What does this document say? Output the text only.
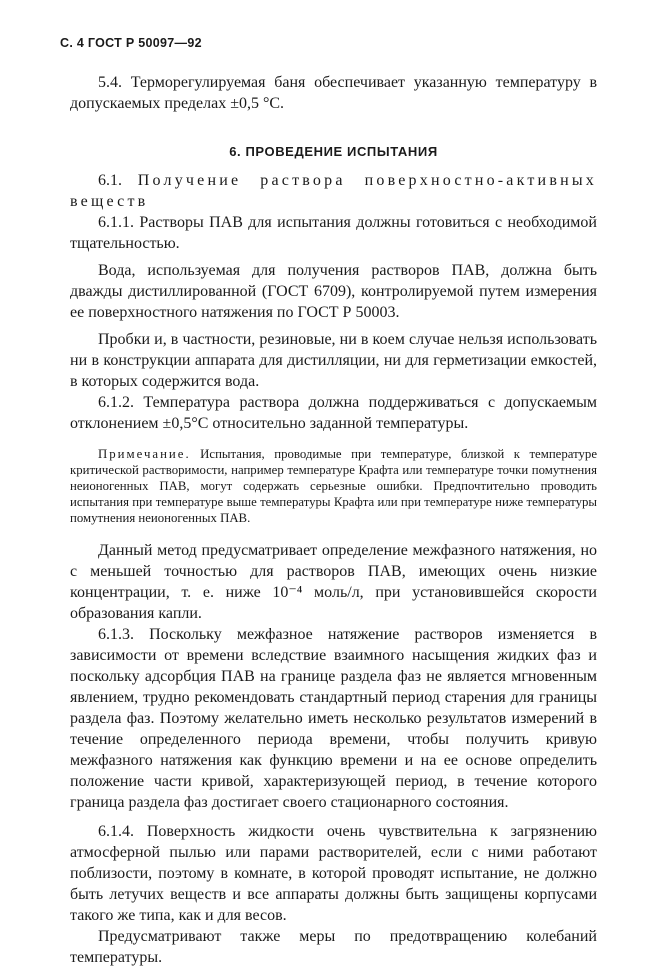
С. 4 ГОСТ Р 50097—92

5.4. Терморегулируемая баня обеспечивает указанную температуру в допускаемых пределах ±0,5 °С.

6. ПРОВЕДЕНИЕ ИСПЫТАНИЯ

6.1. Получение раствора поверхностно-активных веществ

6.1.1. Растворы ПАВ для испытания должны готовиться с необходимой тщательностью.

Вода, используемая для получения растворов ПАВ, должна быть дважды дистиллированной (ГОСТ 6709), контролируемой путем измерения ее поверхностного натяжения по ГОСТ Р 50003.

Пробки и, в частности, резиновые, ни в коем случае нельзя использовать ни в конструкции аппарата для дистилляции, ни для герметизации емкостей, в которых содержится вода.

6.1.2. Температура раствора должна поддерживаться с допускаемым отклонением ±0,5°С относительно заданной температуры.

Примечание. Испытания, проводимые при температуре, близкой к температуре критической растворимости, например температуре Крафта или температуре точки помутнения неионогенных ПАВ, могут содержать серьезные ошибки. Предпочтительно проводить испытания при температуре выше температуры Крафта или при температуре ниже температуры помутнения неионогенных ПАВ.

Данный метод предусматривает определение межфазного натяжения, но с меньшей точностью для растворов ПАВ, имеющих очень низкие концентрации, т. е. ниже 10⁻⁴ моль/л, при установившейся скорости образования капли.

6.1.3. Поскольку межфазное натяжение растворов изменяется в зависимости от времени вследствие взаимного насыщения жидких фаз и поскольку адсорбция ПАВ на границе раздела фаз не является мгновенным явлением, трудно рекомендовать стандартный период старения для границы раздела фаз. Поэтому желательно иметь несколько результатов измерений в течение определенного периода времени, чтобы получить кривую межфазного натяжения как функцию времени и на ее основе определить положение части кривой, характеризующей период, в течение которого граница раздела фаз достигает своего стационарного состояния.

6.1.4. Поверхность жидкости очень чувствительна к загрязнению атмосферной пылью или парами растворителей, если с ними работают поблизости, поэтому в комнате, в которой проводят испытание, не должно быть летучих веществ и все аппараты должны быть защищены корпусами такого же типа, как и для весов.

Предусматривают также меры по предотвращению колебаний температуры.
